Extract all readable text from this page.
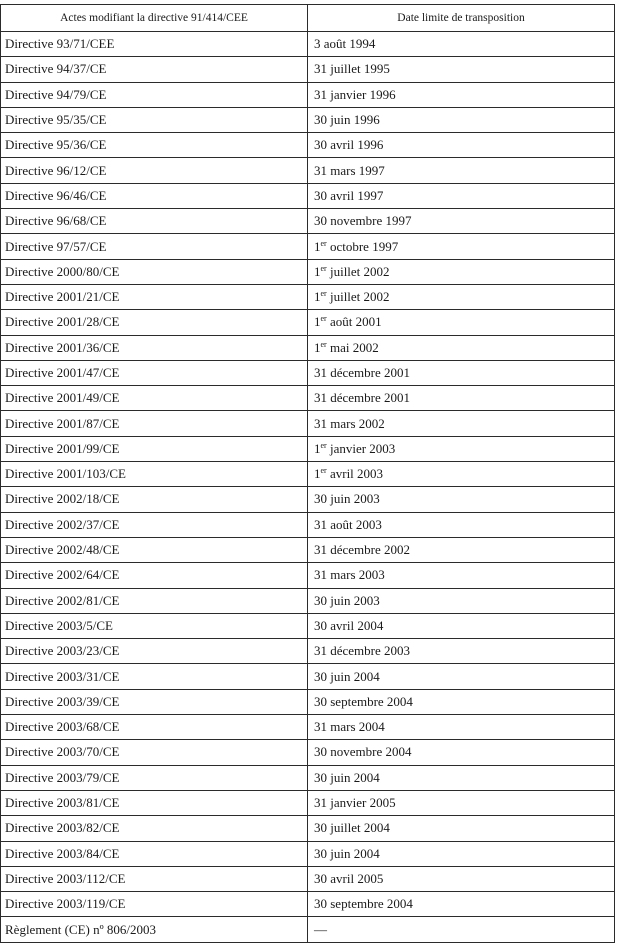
Actes modifiant la directive 91/414/CEE	Date limite de transposition
Directive 93/71/CEE	3 août 1994
Directive 94/37/CE	31 juillet 1995
Directive 94/79/CE	31 janvier 1996
Directive 95/35/CE	30 juin 1996
Directive 95/36/CE	30 avril 1996
Directive 96/12/CE	31 mars 1997
Directive 96/46/CE	30 avril 1997
Directive 96/68/CE	30 novembre 1997
Directive 97/57/CE	1er octobre 1997
Directive 2000/80/CE	1er juillet 2002
Directive 2001/21/CE	1er juillet 2002
Directive 2001/28/CE	1er août 2001
Directive 2001/36/CE	1er mai 2002
Directive 2001/47/CE	31 décembre 2001
Directive 2001/49/CE	31 décembre 2001
Directive 2001/87/CE	31 mars 2002
Directive 2001/99/CE	1er janvier 2003
Directive 2001/103/CE	1er avril 2003
Directive 2002/18/CE	30 juin 2003
Directive 2002/37/CE	31 août 2003
Directive 2002/48/CE	31 décembre 2002
Directive 2002/64/CE	31 mars 2003
Directive 2002/81/CE	30 juin 2003
Directive 2003/5/CE	30 avril 2004
Directive 2003/23/CE	31 décembre 2003
Directive 2003/31/CE	30 juin 2004
Directive 2003/39/CE	30 septembre 2004
Directive 2003/68/CE	31 mars 2004
Directive 2003/70/CE	30 novembre 2004
Directive 2003/79/CE	30 juin 2004
Directive 2003/81/CE	31 janvier 2005
Directive 2003/82/CE	30 juillet 2004
Directive 2003/84/CE	30 juin 2004
Directive 2003/112/CE	30 avril 2005
Directive 2003/119/CE	30 septembre 2004
Règlement (CE) nº 806/2003	—
